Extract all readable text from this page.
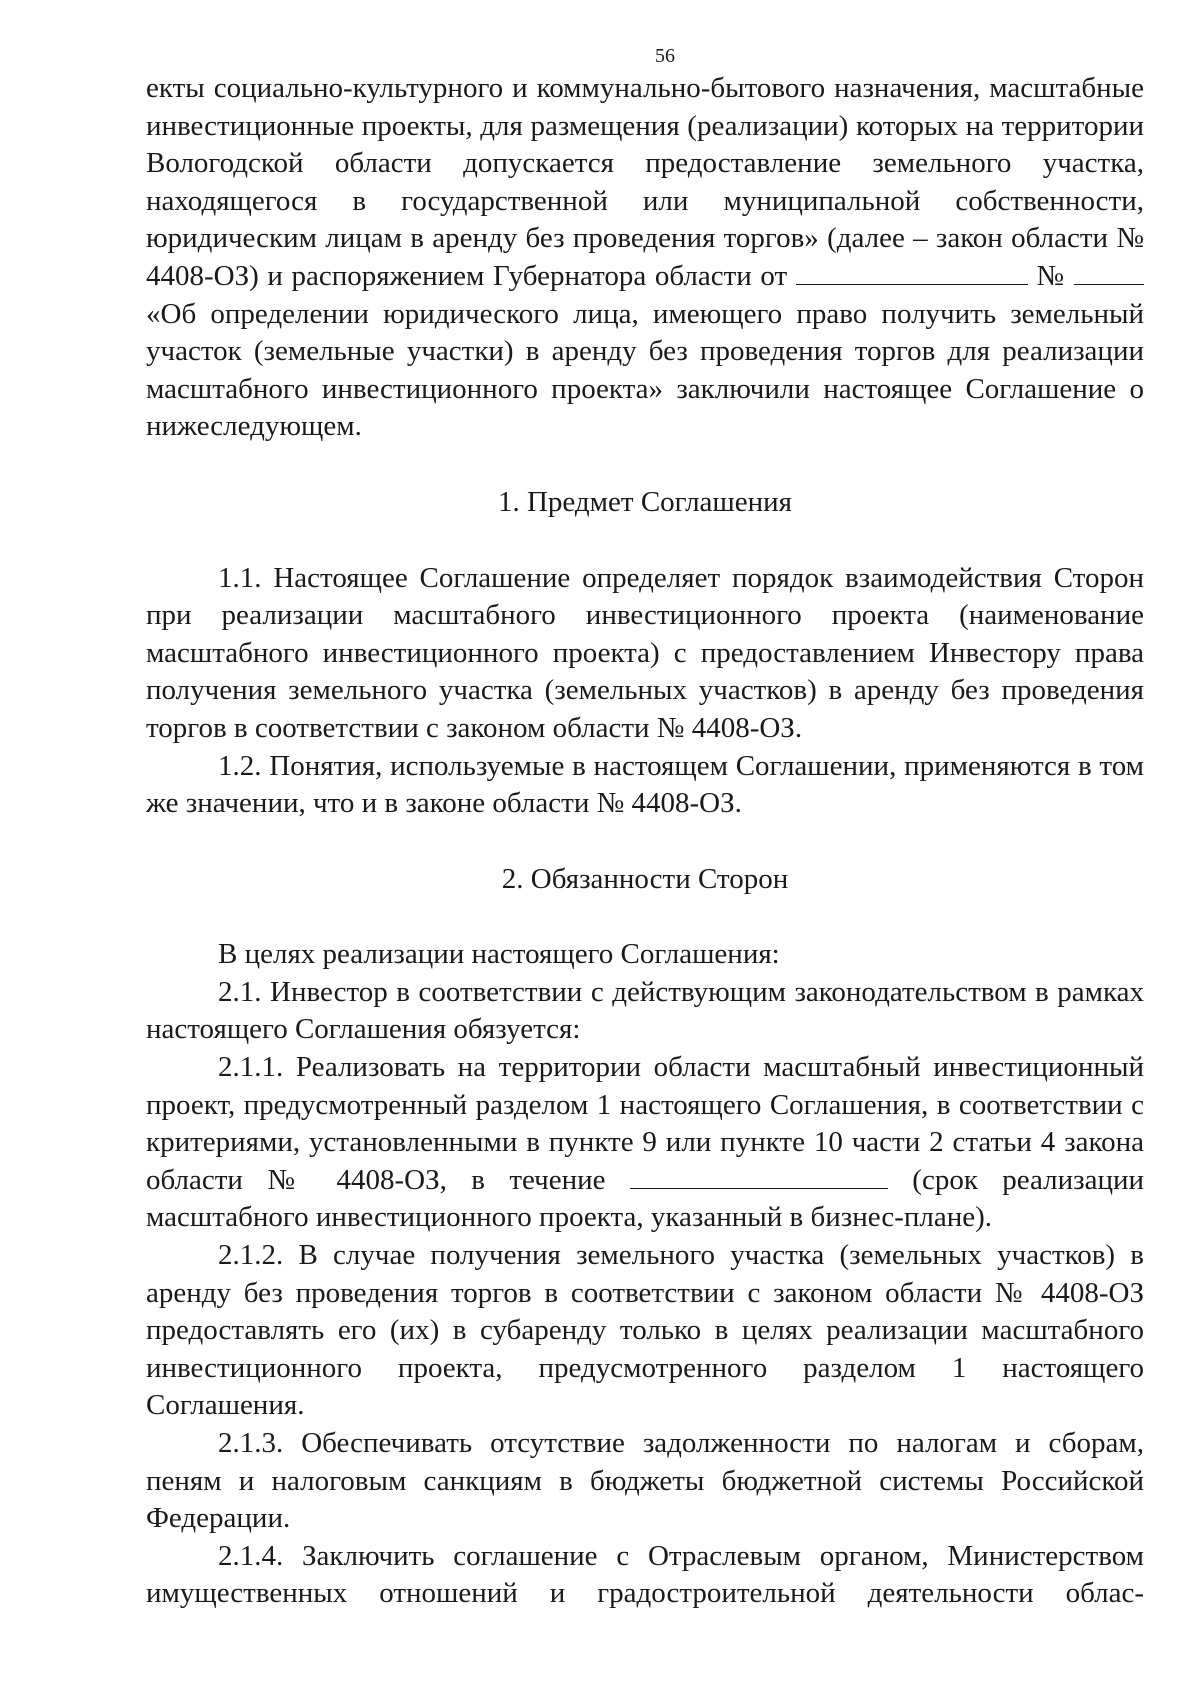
56

екты социально-культурного и коммунально-бытового назначения, масштабные инвестиционные проекты, для размещения (реализации) которых на территории Вологодской области допускается предоставление земельного участка, находящегося в государственной или муниципальной собственности, юридическим лицам в аренду без проведения торгов» (далее – закон области № 4408-ОЗ) и распоряжением Губернатора области от	№  «Об определении юридического лица, имеющего право получить земельный участок (земельные участки) в аренду без проведения торгов для реализации масштабного инвестиционного проекта» заключили настоящее Соглашение о нижеследующем.

1. Предмет Соглашения

1.1. Настоящее Соглашение определяет порядок взаимодействия Сторон при реализации масштабного инвестиционного проекта (наименование масштабного инвестиционного проекта) с предоставлением Инвестору права получения земельного участка (земельных участков) в аренду без проведения торгов в соответствии с законом области № 4408-ОЗ.

1.2. Понятия, используемые в настоящем Соглашении, применяются в том же значении, что и в законе области № 4408-ОЗ.

2. Обязанности Сторон

В целях реализации настоящего Соглашения:

2.1. Инвестор в соответствии с действующим законодательством в рамках настоящего Соглашения обязуется:

2.1.1. Реализовать на территории области масштабный инвестиционный проект, предусмотренный разделом 1 настоящего Соглашения, в соответствии с критериями, установленными в пункте 9 или пункте 10 части 2 статьи 4 закона области № 4408-ОЗ, в течение	(срок реализации масштабного инвестиционного проекта, указанный в бизнес-плане).

2.1.2. В случае получения земельного участка (земельных участков) в аренду без проведения торгов в соответствии с законом области № 4408-ОЗ предоставлять его (их) в субаренду только в целях реализации масштабного инвестиционного проекта, предусмотренного разделом 1 настоящего Соглашения.

2.1.3. Обеспечивать отсутствие задолженности по налогам и сборам, пеням и налоговым санкциям в бюджеты бюджетной системы Российской Федерации.

2.1.4. Заключить соглашение с Отраслевым органом, Министерством имущественных отношений и градостроительной деятельности облас-
